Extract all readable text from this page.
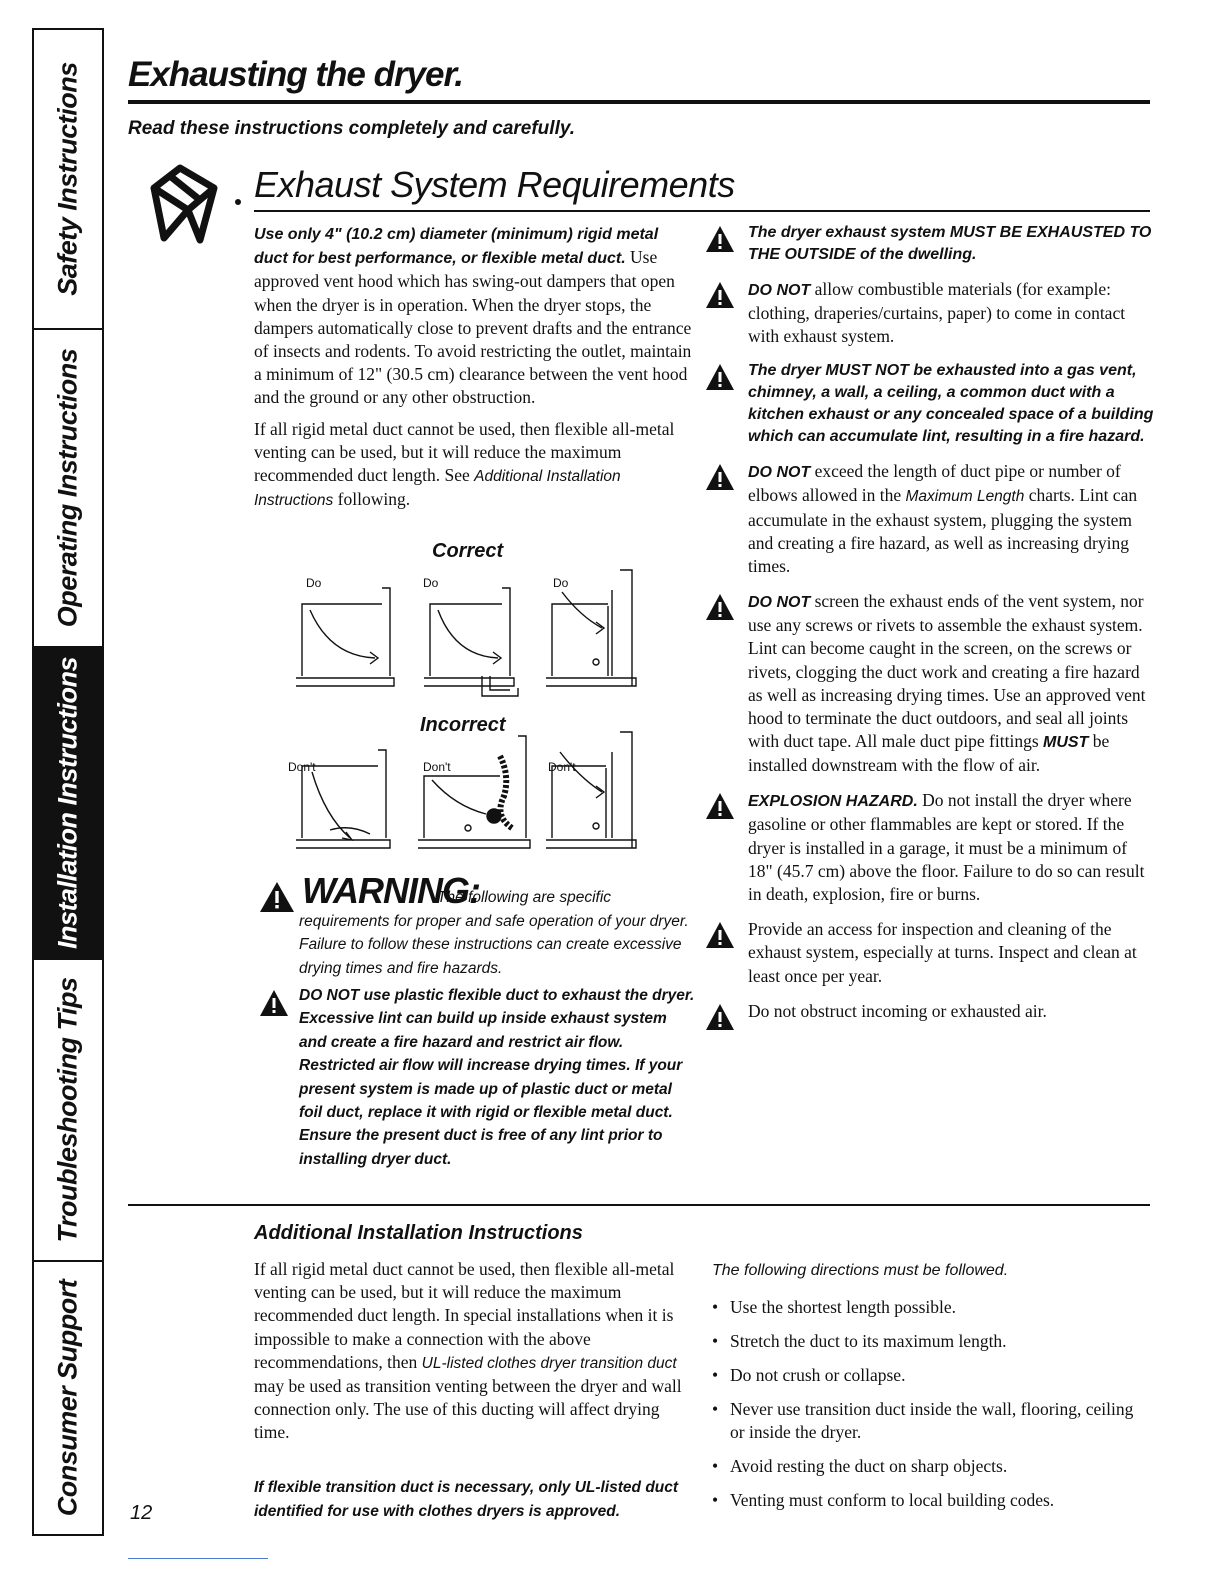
Safety Instructions
Operating Instructions
Installation Instructions
Troubleshooting Tips
Consumer Support
Exhausting the dryer.
Read these instructions completely and carefully.
Exhaust System Requirements

Use only 4" (10.2 cm) diameter (minimum) rigid metal duct for best performance, or flexible metal duct. Use approved vent hood which has swing-out dampers that open when the dryer is in operation. When the dryer stops, the dampers automatically close to prevent drafts and the entrance of insects and rodents. To avoid restricting the outlet, maintain a minimum of 12" (30.5 cm) clearance between the vent hood and the ground or any other obstruction.

If all rigid metal duct cannot be used, then flexible all-metal venting can be used, but it will reduce the maximum recommended duct length. See Additional Installation Instructions following.

Correct
Incorrect
Do	Do	Do
Don't	Don't	Don't
WARNING:
The following are specific requirements for proper and safe operation of your dryer. Failure to follow these instructions can create excessive drying times and fire hazards.
DO NOT use plastic flexible duct to exhaust the dryer. Excessive lint can build up inside exhaust system and create a fire hazard and restrict air flow. Restricted air flow will increase drying times. If your present system is made up of plastic duct or metal foil duct, replace it with rigid or flexible metal duct. Ensure the present duct is free of any lint prior to installing dryer duct.
The dryer exhaust system MUST BE EXHAUSTED TO THE OUTSIDE of the dwelling.
DO NOT allow combustible materials (for example: clothing, draperies/curtains, paper) to come in contact with exhaust system.
The dryer MUST NOT be exhausted into a gas vent, chimney, a wall, a ceiling, a common duct with a kitchen exhaust or any concealed space of a building which can accumulate lint, resulting in a fire hazard.
DO NOT exceed the length of duct pipe or number of elbows allowed in the Maximum Length charts. Lint can accumulate in the exhaust system, plugging the system and creating a fire hazard, as well as increasing drying times.
DO NOT screen the exhaust ends of the vent system, nor use any screws or rivets to assemble the exhaust system. Lint can become caught in the screen, on the screws or rivets, clogging the duct work and creating a fire hazard as well as increasing drying times. Use an approved vent hood to terminate the duct outdoors, and seal all joints with duct tape. All male duct pipe fittings MUST be installed downstream with the flow of air.
EXPLOSION HAZARD. Do not install the dryer where gasoline or other flammables are kept or stored. If the dryer is installed in a garage, it must be a minimum of 18" (45.7 cm) above the floor. Failure to do so can result in death, explosion, fire or burns.
Provide an access for inspection and cleaning of the exhaust system, especially at turns. Inspect and clean at least once per year.
Do not obstruct incoming or exhausted air.
Additional Installation Instructions
If all rigid metal duct cannot be used, then flexible all-metal venting can be used, but it will reduce the maximum recommended duct length. In special installations when it is impossible to make a connection with the above recommendations, then UL-listed clothes dryer transition duct may be used as transition venting between the dryer and wall connection only. The use of this ducting will affect drying time.
If flexible transition duct is necessary, only UL-listed duct identified for use with clothes dryers is approved.
The following directions must be followed.
• Use the shortest length possible.
• Stretch the duct to its maximum length.
• Do not crush or collapse.
• Never use transition duct inside the wall, flooring, ceiling or inside the dryer.
• Avoid resting the duct on sharp objects.
• Venting must conform to local building codes.
12
